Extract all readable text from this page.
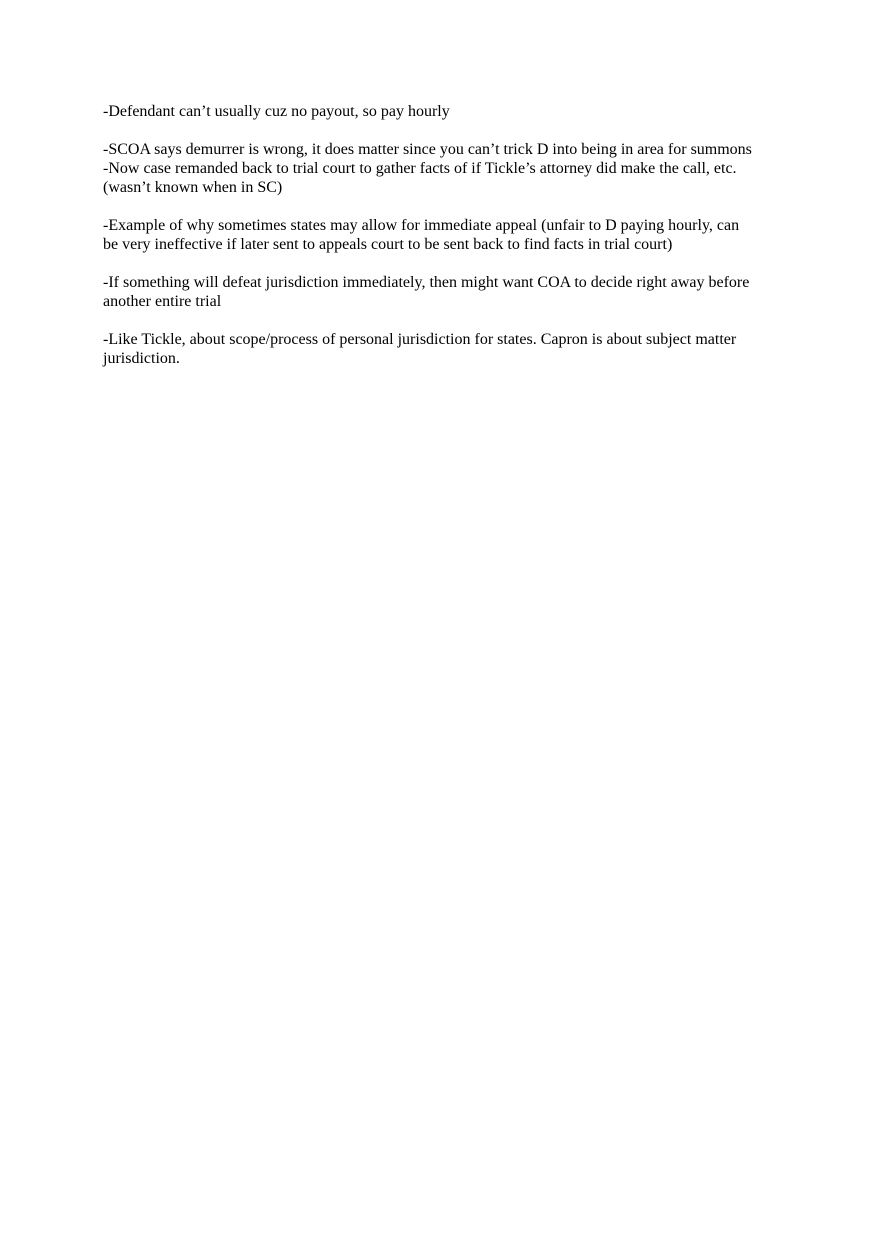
-Defendant can’t usually cuz no payout, so pay hourly

-SCOA says demurrer is wrong, it does matter since you can’t trick D into being in area for summons

-Now case remanded back to trial court to gather facts of if Tickle’s attorney did make the call, etc.
(wasn’t known when in SC)

-Example of why sometimes states may allow for immediate appeal (unfair to D paying hourly, can
be very ineffective if later sent to appeals court to be sent back to find facts in trial court)

-If something will defeat jurisdiction immediately, then might want COA to decide right away before
another entire trial

-Like Tickle, about scope/process of personal jurisdiction for states. Capron is about subject matter
jurisdiction.
